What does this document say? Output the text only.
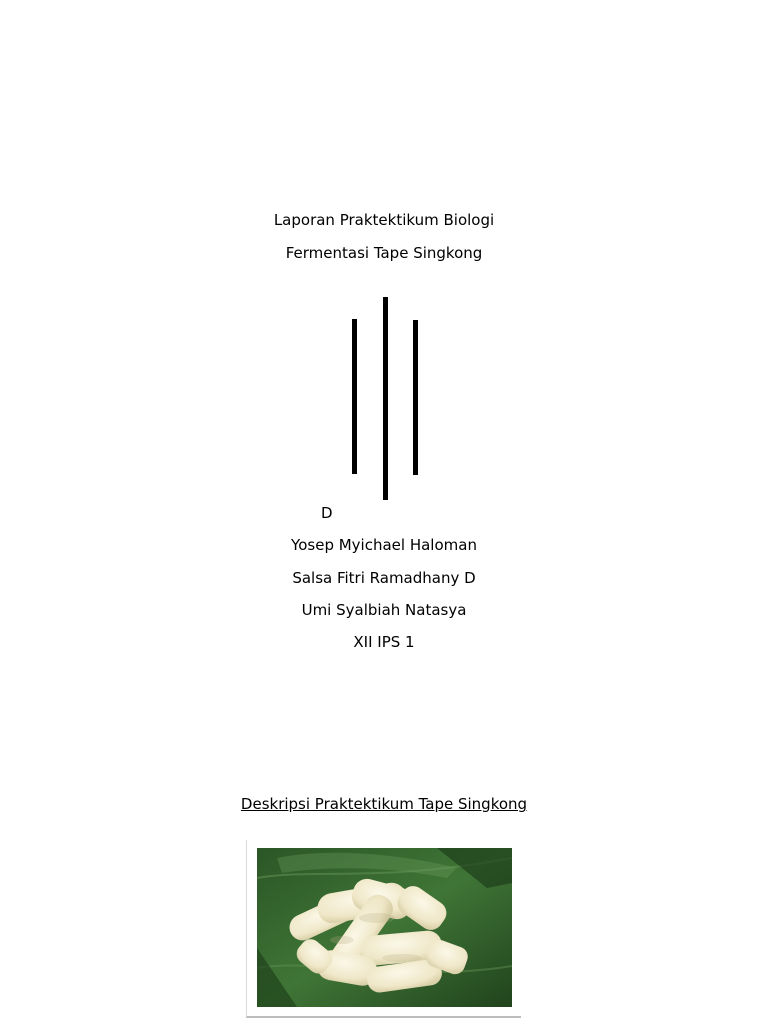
Laporan Praktektikum Biologi
Fermentasi Tape Singkong
D
Yosep Myichael Haloman
Salsa Fitri Ramadhany D
Umi Syalbiah Natasya
XII IPS 1
Deskripsi Praktektikum Tape Singkong
